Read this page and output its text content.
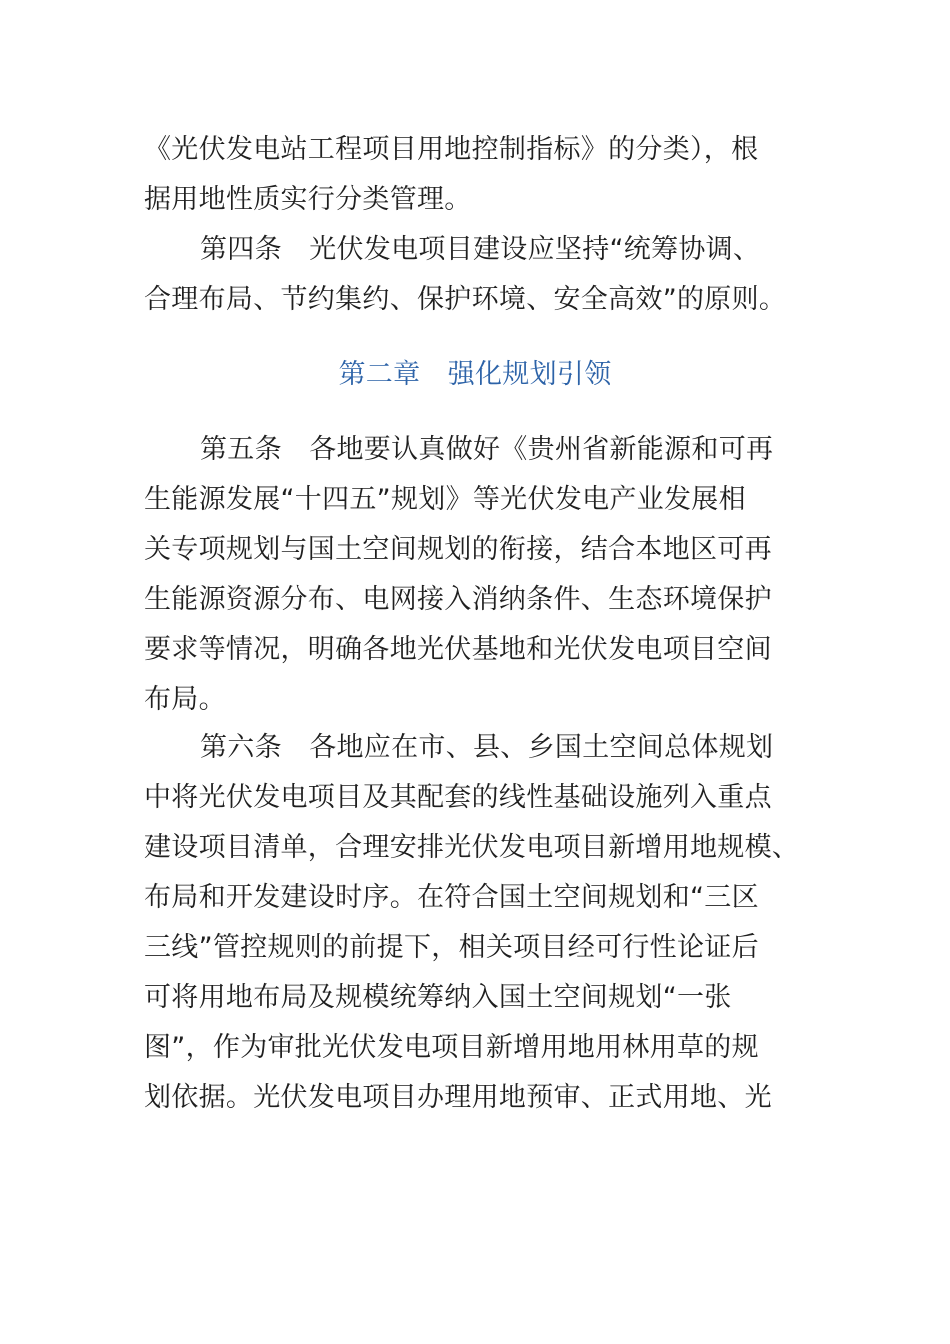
《光伏发电站工程项目用地控制指标》的分类），根
据用地性质实行分类管理。
第四条　光伏发电项目建设应坚持“统筹协调、
合理布局、节约集约、保护环境、安全高效”的原则。
第二章　强化规划引领
第五条　各地要认真做好《贵州省新能源和可再
生能源发展“十四五”规划》等光伏发电产业发展相
关专项规划与国土空间规划的衔接，结合本地区可再
生能源资源分布、电网接入消纳条件、生态环境保护
要求等情况，明确各地光伏基地和光伏发电项目空间
布局。
第六条　各地应在市、县、乡国土空间总体规划
中将光伏发电项目及其配套的线性基础设施列入重点
建设项目清单，合理安排光伏发电项目新增用地规模、
布局和开发建设时序。在符合国土空间规划和“三区
三线”管控规则的前提下，相关项目经可行性论证后
可将用地布局及规模统筹纳入国土空间规划“一张
图”，作为审批光伏发电项目新增用地用林用草的规
划依据。光伏发电项目办理用地预审、正式用地、光
